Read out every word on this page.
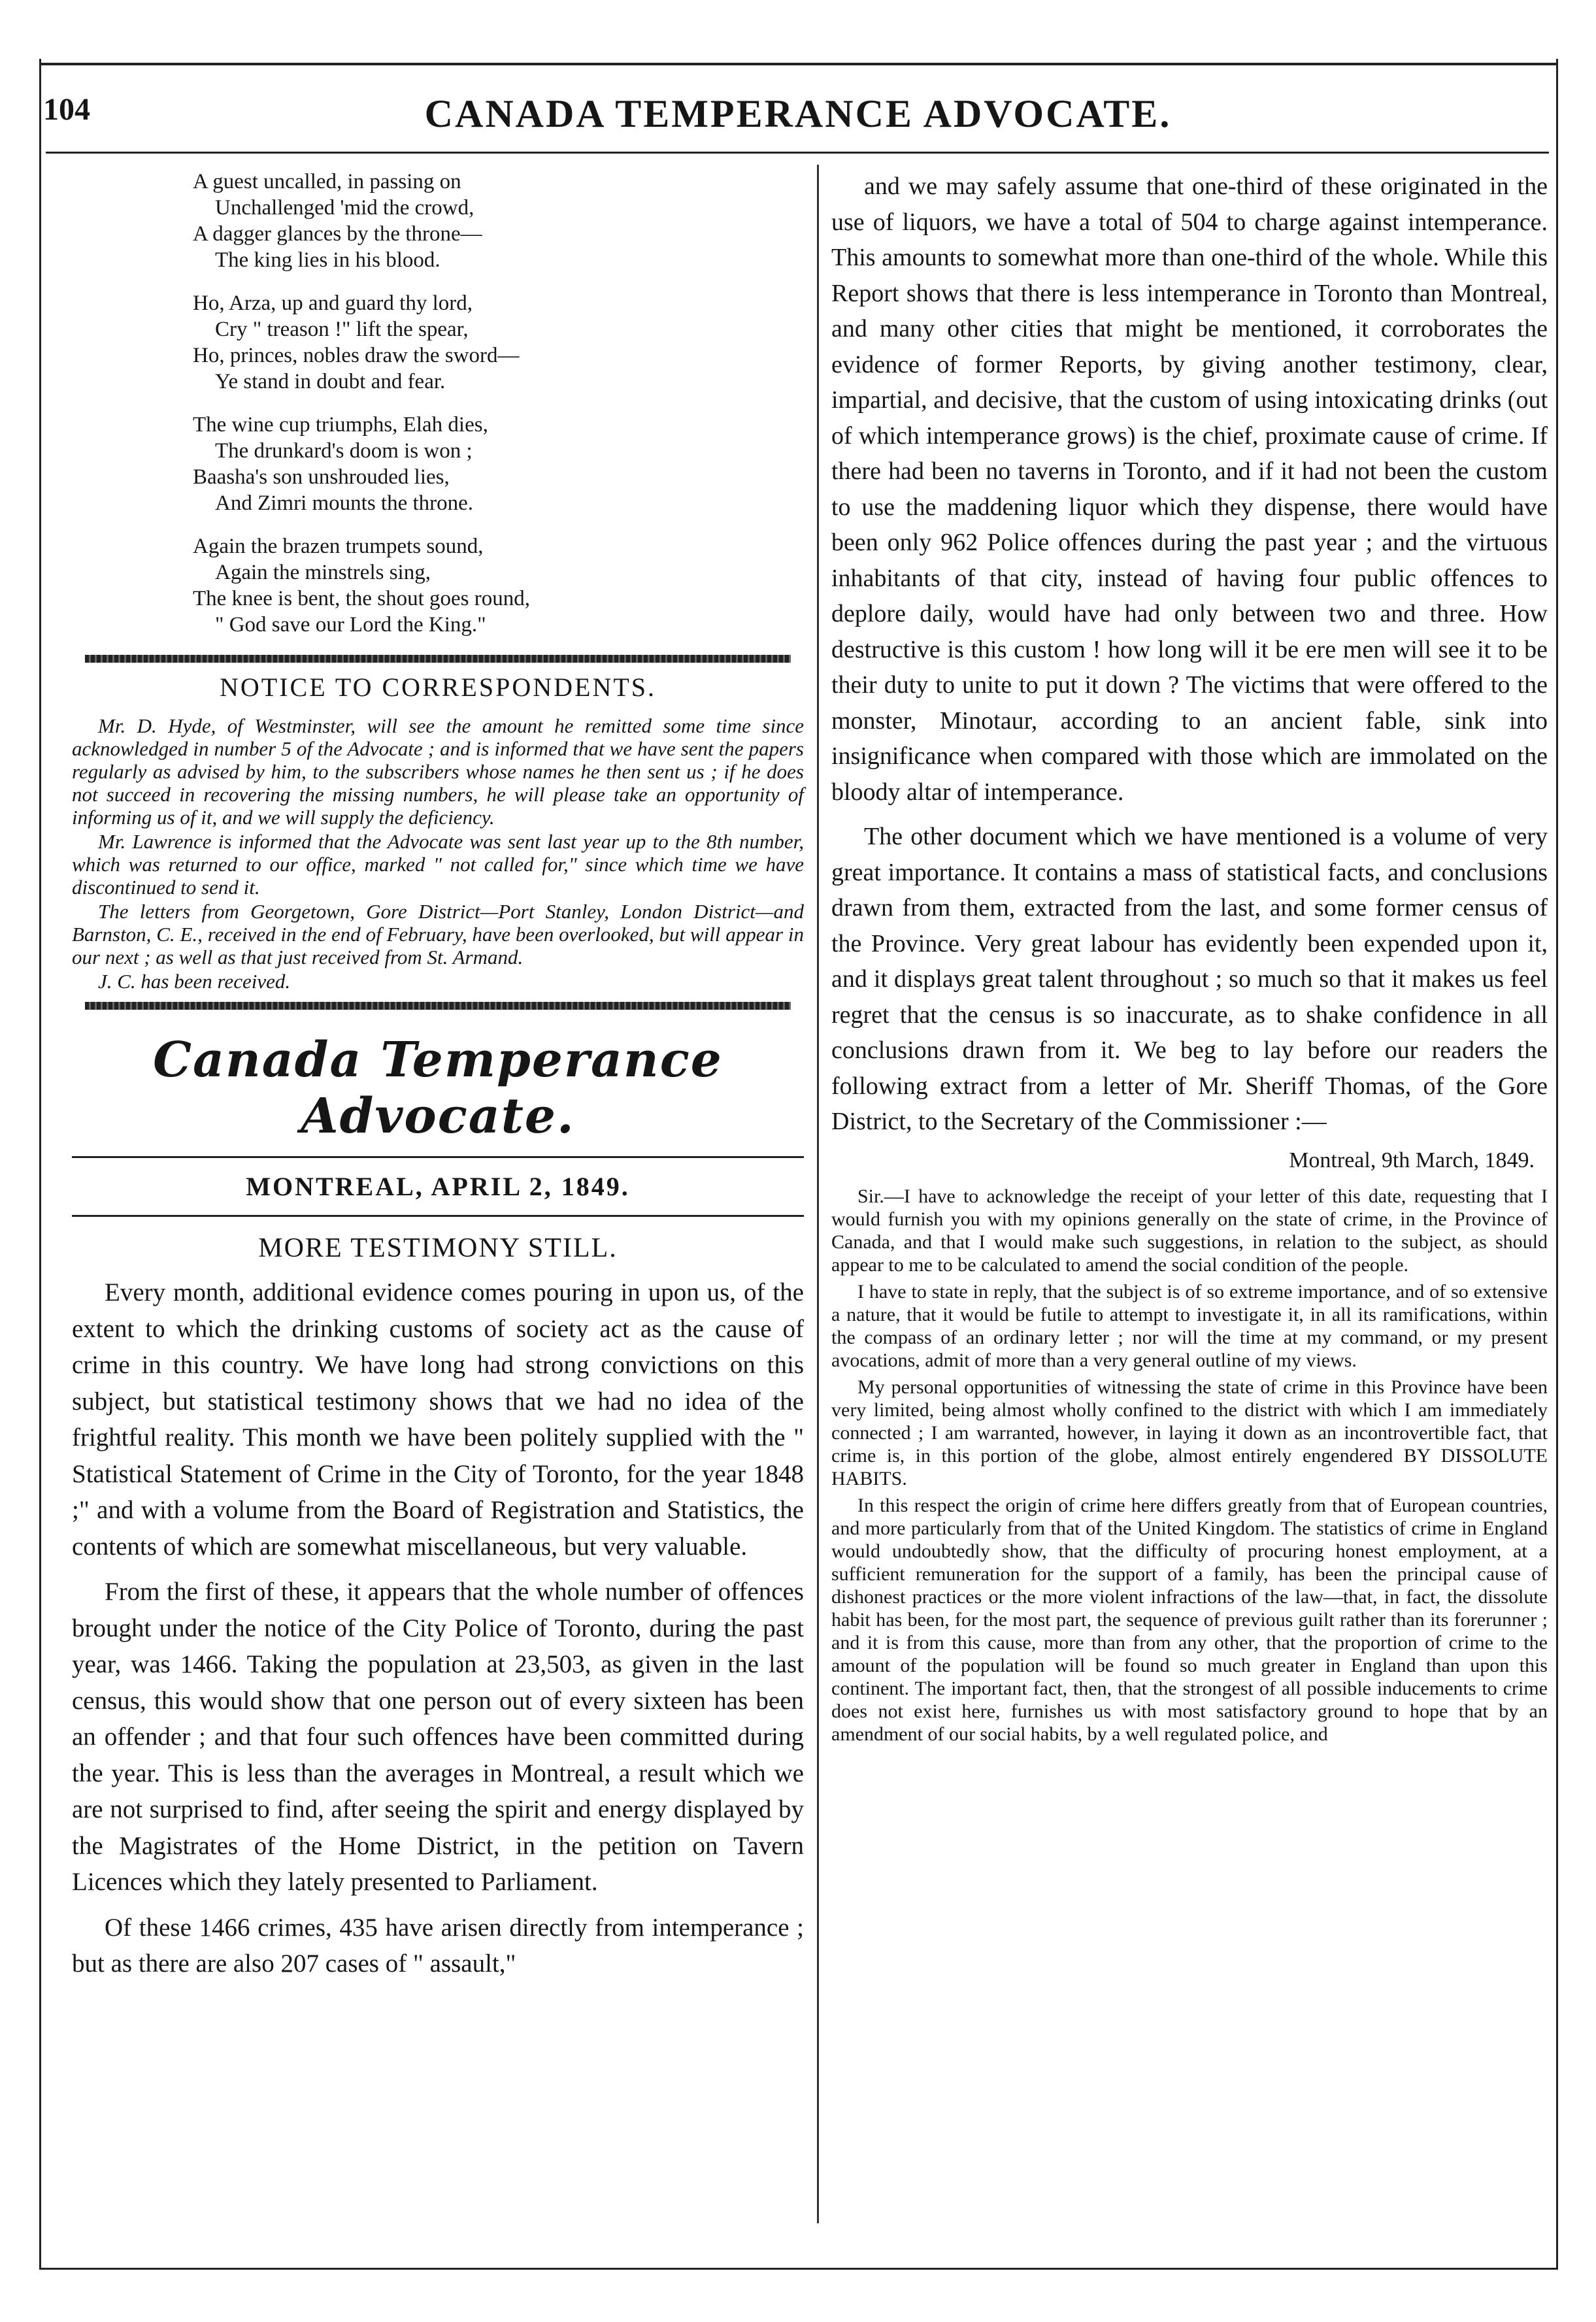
104	CANADA TEMPERANCE ADVOCATE.
A guest uncalled, in passing on
Unchallenged 'mid the crowd,
A dagger glances by the throne—
The king lies in his blood.
Ho, Arza, up and guard thy lord,
Cry " treason !" lift the spear,
Ho, princes, nobles draw the sword—
Ye stand in doubt and fear.
The wine cup triumphs, Elah dies,
The drunkard's doom is won ;
Baasha's son unshrouded lies,
And Zimri mounts the throne.
Again the brazen trumpets sound,
Again the minstrels sing,
The knee is bent, the shout goes round,
" God save our Lord the King."
NOTICE TO CORRESPONDENTS.

Mr. D. Hyde, of Westminster, will see the amount he remitted some time since acknowledged in number 5 of the Advocate ; and is informed that we have sent the papers regularly as advised by him, to the subscribers whose names he then sent us ; if he does not succeed in recovering the missing numbers, he will please take an opportunity of informing us of it, and we will supply the deficiency.

Mr. Lawrence is informed that the Advocate was sent last year up to the 8th number, which was returned to our office, marked " not called for," since which time we have discontinued to send it.

The letters from Georgetown, Gore District—Port Stanley, London District—and Barnston, C. E., received in the end of February, have been overlooked, but will appear in our next ; as well as that just received from St. Armand.

J. C. has been received.

Canada Temperance Advocate.
MONTREAL, APRIL 2, 1849.
MORE TESTIMONY STILL.

Every month, additional evidence comes pouring in upon us, of the extent to which the drinking customs of society act as the cause of crime in this country. We have long had strong convictions on this subject, but statistical testimony shows that we had no idea of the frightful reality. This month we have been politely supplied with the " Statistical Statement of Crime in the City of Toronto, for the year 1848 ;" and with a volume from the Board of Registration and Statistics, the contents of which are somewhat miscellaneous, but very valuable.

From the first of these, it appears that the whole number of offences brought under the notice of the City Police of Toronto, during the past year, was 1466. Taking the population at 23,503, as given in the last census, this would show that one person out of every sixteen has been an offender ; and that four such offences have been committed during the year. This is less than the averages in Montreal, a result which we are not surprised to find, after seeing the spirit and energy displayed by the Magistrates of the Home District, in the petition on Tavern Licences which they lately presented to Parliament.

Of these 1466 crimes, 435 have arisen directly from intemperance ; but as there are also 207 cases of " assault,"

and we may safely assume that one-third of these originated in the use of liquors, we have a total of 504 to charge against intemperance. This amounts to somewhat more than one-third of the whole. While this Report shows that there is less intemperance in Toronto than Montreal, and many other cities that might be mentioned, it corroborates the evidence of former Reports, by giving another testimony, clear, impartial, and decisive, that the custom of using intoxicating drinks (out of which intemperance grows) is the chief, proximate cause of crime. If there had been no taverns in Toronto, and if it had not been the custom to use the maddening liquor which they dispense, there would have been only 962 Police offences during the past year ; and the virtuous inhabitants of that city, instead of having four public offences to deplore daily, would have had only between two and three. How destructive is this custom ! how long will it be ere men will see it to be their duty to unite to put it down ? The victims that were offered to the monster, Minotaur, according to an ancient fable, sink into insignificance when compared with those which are immolated on the bloody altar of intemperance.

The other document which we have mentioned is a volume of very great importance. It contains a mass of statistical facts, and conclusions drawn from them, extracted from the last, and some former census of the Province. Very great labour has evidently been expended upon it, and it displays great talent throughout ; so much so that it makes us feel regret that the census is so inaccurate, as to shake confidence in all conclusions drawn from it. We beg to lay before our readers the following extract from a letter of Mr. Sheriff Thomas, of the Gore District, to the Secretary of the Commissioner :—

Montreal, 9th March, 1849.

Sir.—I have to acknowledge the receipt of your letter of this date, requesting that I would furnish you with my opinions generally on the state of crime, in the Province of Canada, and that I would make such suggestions, in relation to the subject, as should appear to me to be calculated to amend the social condition of the people.

I have to state in reply, that the subject is of so extreme importance, and of so extensive a nature, that it would be futile to attempt to investigate it, in all its ramifications, within the compass of an ordinary letter ; nor will the time at my command, or my present avocations, admit of more than a very general outline of my views.

My personal opportunities of witnessing the state of crime in this Province have been very limited, being almost wholly confined to the district with which I am immediately connected ; I am warranted, however, in laying it down as an incontrovertible fact, that crime is, in this portion of the globe, almost entirely engendered BY DISSOLUTE HABITS.

In this respect the origin of crime here differs greatly from that of European countries, and more particularly from that of the United Kingdom. The statistics of crime in England would undoubtedly show, that the difficulty of procuring honest employment, at a sufficient remuneration for the support of a family, has been the principal cause of dishonest practices or the more violent infractions of the law—that, in fact, the dissolute habit has been, for the most part, the sequence of previous guilt rather than its forerunner ; and it is from this cause, more than from any other, that the proportion of crime to the amount of the population will be found so much greater in England than upon this continent. The important fact, then, that the strongest of all possible inducements to crime does not exist here, furnishes us with most satisfactory ground to hope that by an amendment of our social habits, by a well regulated police, and
